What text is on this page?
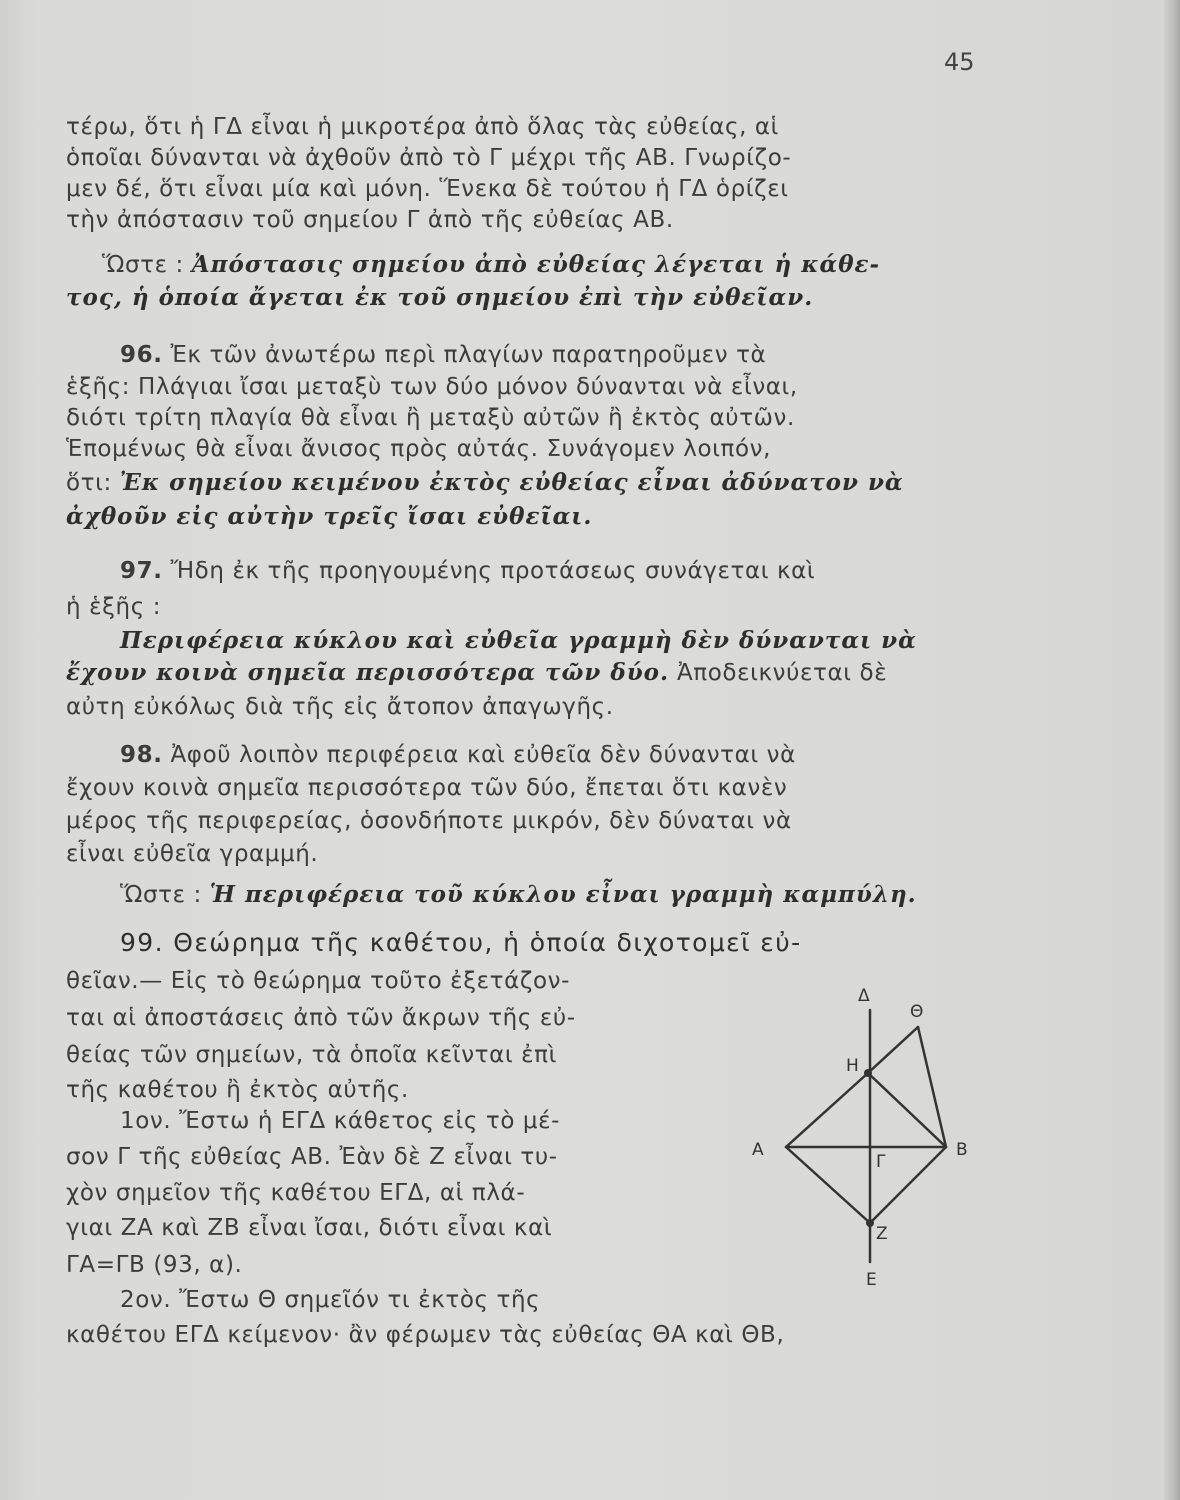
45
τέρω, ὅτι ἡ ΓΔ εἶναι ἡ μικροτέρα ἀπὸ ὅλας τὰς εὐθείας, αἱ
ὁποῖαι δύνανται νὰ ἀχθοῦν ἀπὸ τὸ Γ μέχρι τῆς ΑΒ. Γνωρίζο-
μεν δέ, ὅτι εἶναι μία καὶ μόνη. Ἕνεκα δὲ τούτου ἡ ΓΔ ὁρίζει
τὴν ἀπόστασιν τοῦ σημείου Γ ἀπὸ τῆς εὐθείας ΑΒ.
Ὥστε : Ἀπόστασις σημείου ἀπὸ εὐθείας λέγεται ἡ κάθε-
τος, ἡ ὁποία ἄγεται ἐκ τοῦ σημείου ἐπὶ τὴν εὐθεῖαν.
96. Ἐκ τῶν ἀνωτέρω περὶ πλαγίων παρατηροῦμεν τὰ
ἑξῆς: Πλάγιαι ἴσαι μεταξὺ των δύο μόνον δύνανται νὰ εἶναι,
διότι τρίτη πλαγία θὰ εἶναι ἢ μεταξὺ αὐτῶν ἢ ἐκτὸς αὐτῶν.
Ἑπομένως θὰ εἶναι ἄνισος πρὸς αὐτάς. Συνάγομεν λοιπόν,
ὅτι: Ἐκ σημείου κειμένου ἐκτὸς εὐθείας εἶναι ἀδύνατον νὰ
ἀχθοῦν εἰς αὐτὴν τρεῖς ἴσαι εὐθεῖαι.
97. Ἤδη ἐκ τῆς προηγουμένης προτάσεως συνάγεται καὶ
ἡ ἑξῆς :
Περιφέρεια κύκλου καὶ εὐθεῖα γραμμὴ δὲν δύνανται νὰ
ἔχουν κοινὰ σημεῖα περισσότερα τῶν δύο. Ἀποδεικνύεται δὲ
αὐτη εὐκόλως διὰ τῆς εἰς ἄτοπον ἀπαγωγῆς.
98. Ἀφοῦ λοιπὸν περιφέρεια καὶ εὐθεῖα δὲν δύνανται νὰ
ἔχουν κοινὰ σημεῖα περισσότερα τῶν δύο, ἔπεται ὅτι κανὲν
μέρος τῆς περιφερείας, ὁσονδήποτε μικρόν, δὲν δύναται νὰ
εἶναι εὐθεῖα γραμμή.
Ὥστε : Ἡ περιφέρεια τοῦ κύκλου εἶναι γραμμὴ καμπύλη.
99. Θεώρημα τῆς καθέτου, ἡ ὁποία διχοτομεῖ εὐ-
θεῖαν.— Εἰς τὸ θεώρημα τοῦτο ἐξετάζον-
ται αἱ ἀποστάσεις ἀπὸ τῶν ἄκρων τῆς εὐ-
θείας τῶν σημείων, τὰ ὁποῖα κεῖνται ἐπὶ
τῆς καθέτου ἢ ἐκτὸς αὐτῆς.
1ον. Ἔστω ἡ ΕΓΔ κάθετος εἰς τὸ μέ-
σον Γ τῆς εὐθείας ΑΒ. Ἐὰν δὲ Ζ εἶναι τυ-
χὸν σημεῖον τῆς καθέτου ΕΓΔ, αἱ πλά-
γιαι ΖΑ καὶ ΖΒ εἶναι ἴσαι, διότι εἶναι καὶ
ΓΑ=ΓΒ (93, α).
2ον. Ἔστω Θ σημεῖόν τι ἐκτὸς τῆς
καθέτου ΕΓΔ κείμενον· ἂν φέρωμεν τὰς εὐθείας ΘΑ καὶ ΘΒ,
Δ
Θ
Η
Α	Β
Γ
Ζ
Ε
